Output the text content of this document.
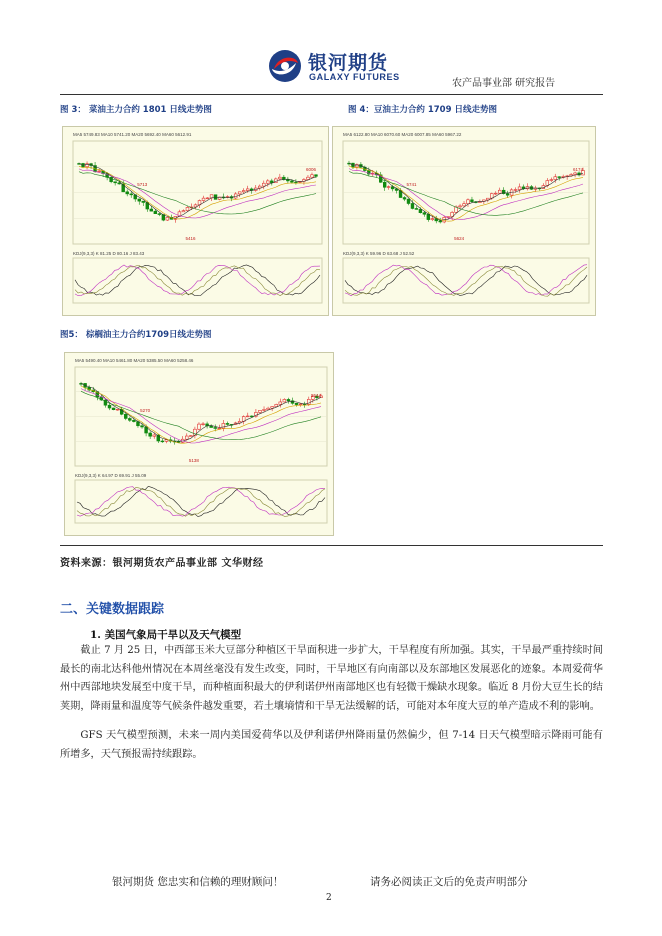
银河期货
GALAXY FUTURES
农产品事业部 研究报告
图 3： 菜油主力合约 1801 日线走势图	图 4：豆油主力合约 1709 日线走势图
图5： 棕榈油主力合约1709日线走势图
MA5 5749.83 MA10 5741.20 MA20 5692.40 MA60 5612.91
KDJ(9,3,3) K 81.25 D 80.16 J 83.43
6006
5416
5713
MA5 6122.80 MA10 6070.60 MA20 6007.85 MA60 5967.22
KDJ(9,3,3) K 59.96 D 63.68 J 52.52
6174
5624
5741
MA5 5490.40 MA10 5461.80 MA20 5385.50 MA60 5258.46
KDJ(9,3,3) K 64.97 D 69.91 J 55.09
5544
5138
5270
资料来源：银河期货农产品事业部 文华财经
二、关键数据跟踪
1. 美国气象局干旱以及天气模型
截止 7 月 25 日，中西部玉米大豆部分种植区干旱面积进一步扩大，干旱程度有所加强。其实，干旱最严重持续时间最长的南北达科他州情况在本周丝毫没有发生改变，同时，干旱地区有向南部以及东部地区发展恶化的迹象。本周爱荷华州中西部地块发展至中度干旱，而种植面积最大的伊利诺伊州南部地区也有轻微干燥缺水现象。临近 8 月份大豆生长的结荚期，降雨量和温度等气候条件越发重要，若土壤墒情和干旱无法缓解的话，可能对本年度大豆的单产造成不利的影响。
GFS 天气模型预测，未来一周内美国爱荷华以及伊利诺伊州降雨量仍然偏少，但 7-14 日天气模型暗示降雨可能有所增多，天气预报需持续跟踪。
银河期货 您忠实和信赖的理财顾问！	请务必阅读正文后的免责声明部分
2
